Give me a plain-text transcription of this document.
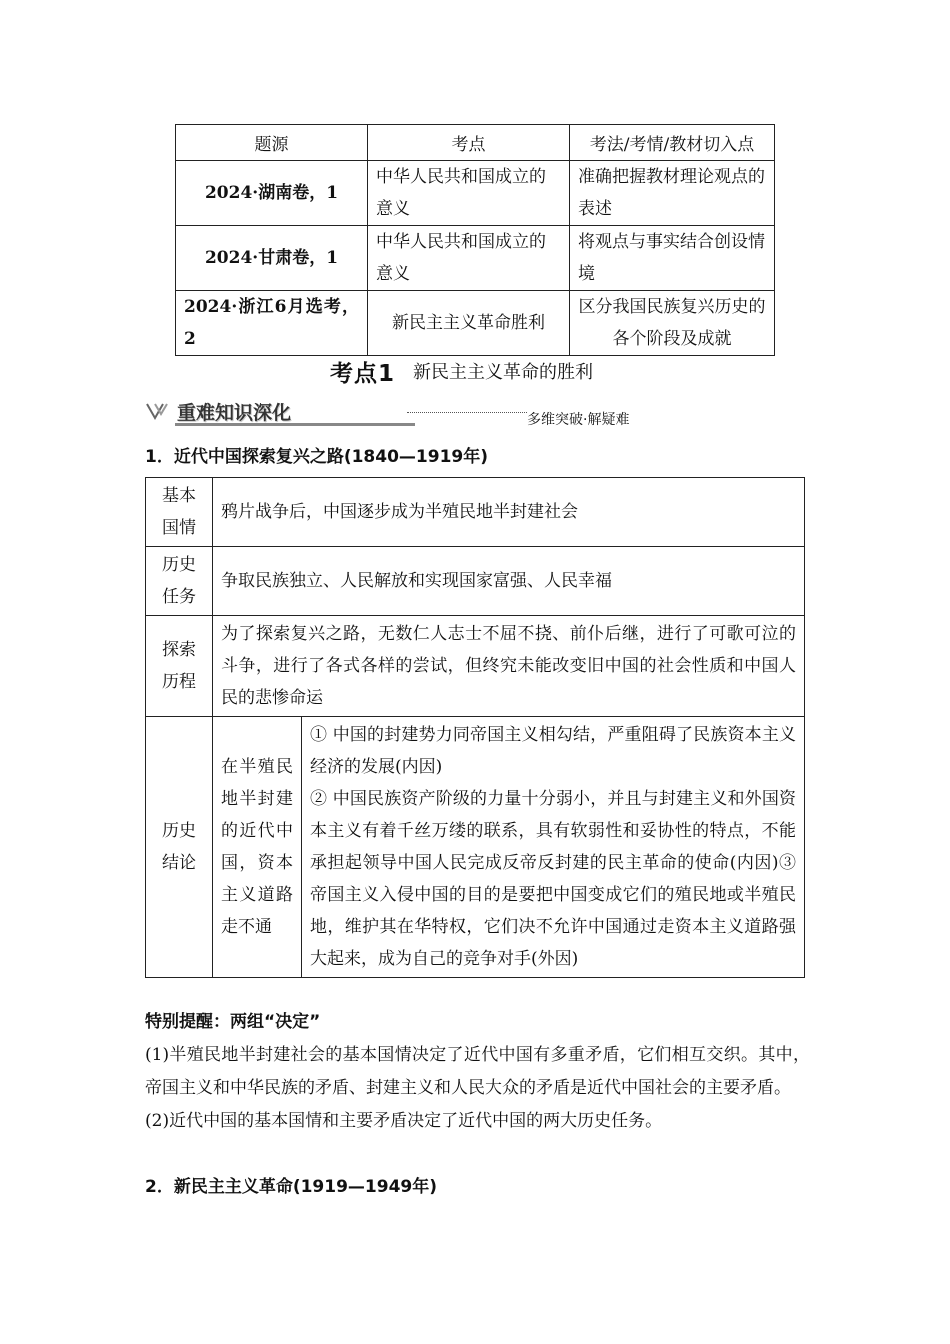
题源	考点	考法/考情/教材切入点
2024·湖南卷，1	中华人民共和国成立的意义	准确把握教材理论观点的表述
2024·甘肃卷，1	中华人民共和国成立的意义	将观点与事实结合创设情境
2024·浙江6月选考，2	新民主主义革命胜利	区分我国民族复兴历史的各个阶段及成就
考点1 新民主主义革命的胜利
重难知识深化	多维突破·解疑难
1．近代中国探索复兴之路(1840—1919年)
基本国情	鸦片战争后，中国逐步成为半殖民地半封建社会	
历史任务	争取民族独立、人民解放和实现国家富强、人民幸福	
探索历程	为了探索复兴之路，无数仁人志士不屈不挠、前仆后继，进行了可歌可泣的斗争，进行了各式各样的尝试，但终究未能改变旧中国的社会性质和中国人民的悲惨命运	
历史结论	在半殖民地半封建的近代中国，资本主义道路走不通	① 中国的封建势力同帝国主义相勾结，严重阻碍了民族资本主义经济的发展(内因)
② 中国民族资产阶级的力量十分弱小，并且与封建主义和外国资本主义有着千丝万缕的联系，具有软弱性和妥协性的特点，不能承担起领导中国人民完成反帝反封建的民主革命的使命(内因)③ 帝国主义入侵中国的目的是要把中国变成它们的殖民地或半殖民地，维护其在华特权，它们决不允许中国通过走资本主义道路强大起来，成为自己的竞争对手(外因)
特别提醒：两组“决定”

(1)半殖民地半封建社会的基本国情决定了近代中国有多重矛盾，它们相互交织。其中，帝国主义和中华民族的矛盾、封建主义和人民大众的矛盾是近代中国社会的主要矛盾。

(2)近代中国的基本国情和主要矛盾决定了近代中国的两大历史任务。

2．新民主主义革命(1919—1949年)
